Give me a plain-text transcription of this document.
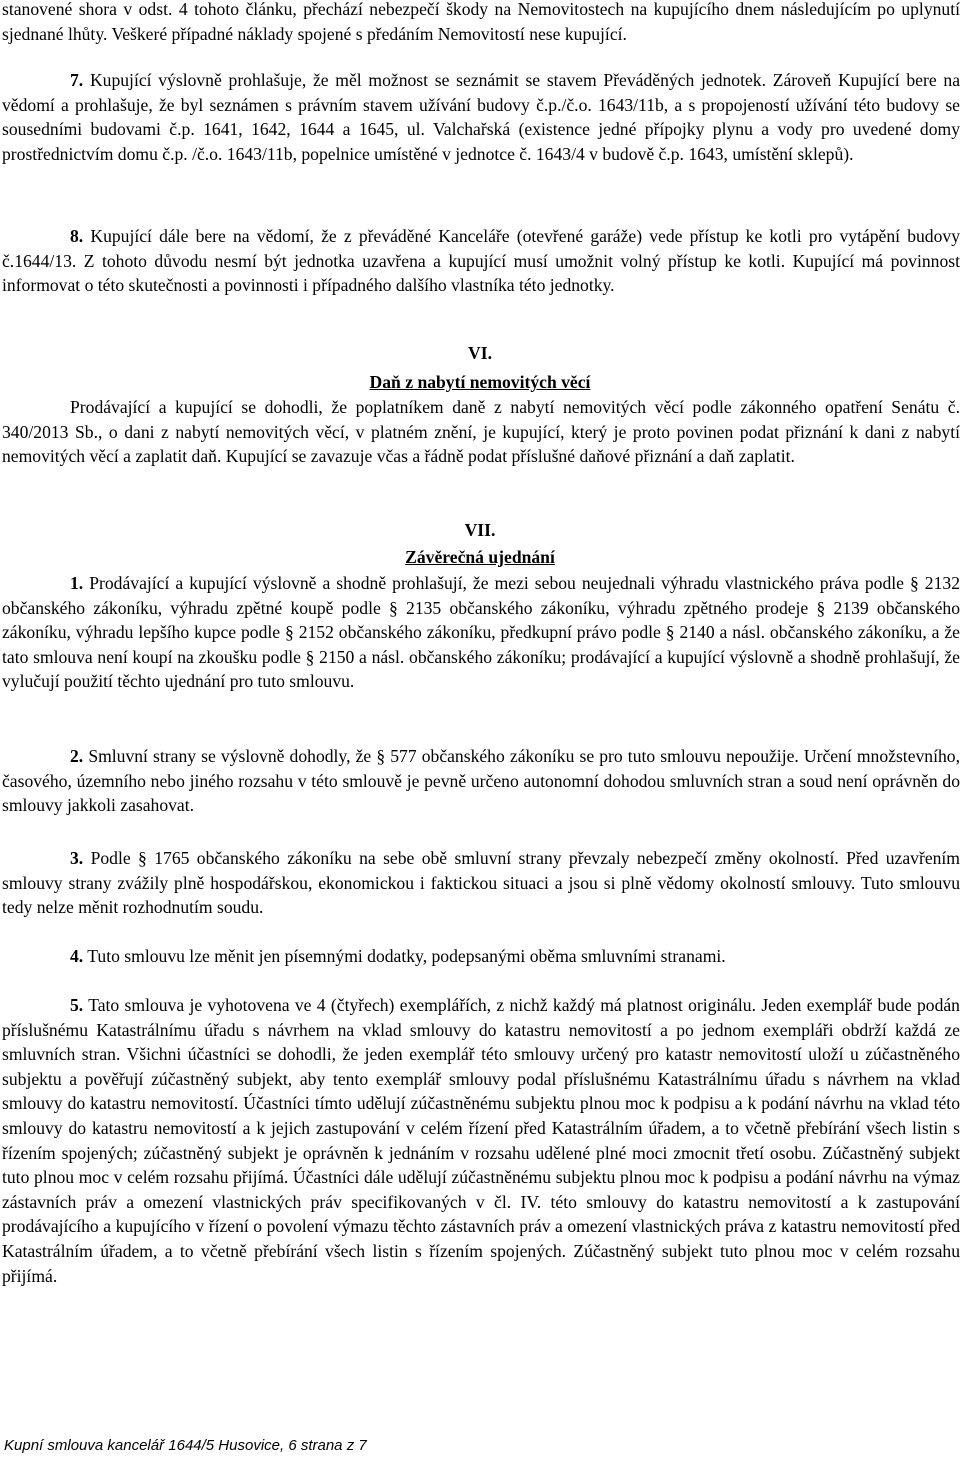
stanovené shora v odst. 4 tohoto článku, přechází nebezpečí škody na Nemovitostech na kupujícího dnem následujícím po uplynutí sjednané lhůty. Veškeré případné náklady spojené s předáním Nemovitostí nese kupující.

7. Kupující výslovně prohlašuje, že měl možnost se seznámit se stavem Převáděných jednotek. Zároveň Kupující bere na vědomí a prohlašuje, že byl seznámen s právním stavem užívání budovy č.p./č.o. 1643/11b, a s propojeností užívání této budovy se sousedními budovami č.p. 1641, 1642, 1644 a 1645, ul. Valchařská (existence jedné přípojky plynu a vody pro uvedené domy prostřednictvím domu č.p. /č.o. 1643/11b, popelnice umístěné v jednotce č. 1643/4 v budově č.p. 1643, umístění sklepů).

8. Kupující dále bere na vědomí, že z převáděné Kanceláře (otevřené garáže) vede přístup ke kotli pro vytápění budovy č.1644/13. Z tohoto důvodu nesmí být jednotka uzavřena a kupující musí umožnit volný přístup ke kotli. Kupující má povinnost informovat o této skutečnosti a povinnosti i případného dalšího vlastníka této jednotky.

VI.
Daň z nabytí nemovitých věcí

Prodávající a kupující se dohodli, že poplatníkem daně z nabytí nemovitých věcí podle zákonného opatření Senátu č. 340/2013 Sb., o dani z nabytí nemovitých věcí, v platném znění, je kupující, který je proto povinen podat přiznání k dani z nabytí nemovitých věcí a zaplatit daň. Kupující se zavazuje včas a řádně podat příslušné daňové přiznání a daň zaplatit.

VII.
Závěrečná ujednání

1. Prodávající a kupující výslovně a shodně prohlašují, že mezi sebou neujednali výhradu vlastnického práva podle § 2132 občanského zákoníku, výhradu zpětné koupě podle § 2135 občanského zákoníku, výhradu zpětného prodeje § 2139 občanského zákoníku, výhradu lepšího kupce podle § 2152 občanského zákoníku, předkupní právo podle § 2140 a násl. občanského zákoníku, a že tato smlouva není koupí na zkoušku podle § 2150 a násl. občanského zákoníku; prodávající a kupující výslovně a shodně prohlašují, že vylučují použití těchto ujednání pro tuto smlouvu.

2. Smluvní strany se výslovně dohodly, že § 577 občanského zákoníku se pro tuto smlouvu nepoužije. Určení množstevního, časového, územního nebo jiného rozsahu v této smlouvě je pevně určeno autonomní dohodou smluvních stran a soud není oprávněn do smlouvy jakkoli zasahovat.

3. Podle § 1765 občanského zákoníku na sebe obě smluvní strany převzaly nebezpečí změny okolností. Před uzavřením smlouvy strany zvážily plně hospodářskou, ekonomickou i faktickou situaci a jsou si plně vědomy okolností smlouvy. Tuto smlouvu tedy nelze měnit rozhodnutím soudu.

4. Tuto smlouvu lze měnit jen písemnými dodatky, podepsanými oběma smluvními stranami.

5. Tato smlouva je vyhotovena ve 4 (čtyřech) exemplářích, z nichž každý má platnost originálu. Jeden exemplář bude podán příslušnému Katastrálnímu úřadu s návrhem na vklad smlouvy do katastru nemovitostí a po jednom exempláři obdrží každá ze smluvních stran. Všichni účastníci se dohodli, že jeden exemplář této smlouvy určený pro katastr nemovitostí uloží u zúčastněného subjektu a pověřují zúčastněný subjekt, aby tento exemplář smlouvy podal příslušnému Katastrálnímu úřadu s návrhem na vklad smlouvy do katastru nemovitostí. Účastníci tímto udělují zúčastněnému subjektu plnou moc k podpisu a k podání návrhu na vklad této smlouvy do katastru nemovitostí a k jejich zastupování v celém řízení před Katastrálním úřadem, a to včetně přebírání všech listin s řízením spojených; zúčastněný subjekt je oprávněn k jednáním v rozsahu udělené plné moci zmocnit třetí osobu. Zúčastněný subjekt tuto plnou moc v celém rozsahu přijímá. Účastníci dále udělují zúčastněnému subjektu plnou moc k podpisu a podání návrhu na výmaz zástavních práv a omezení vlastnických práv specifikovaných v čl. IV. této smlouvy do katastru nemovitostí a k zastupování prodávajícího a kupujícího v řízení o povolení výmazu těchto zástavních práv a omezení vlastnických práva z katastru nemovitostí před Katastrálním úřadem, a to včetně přebírání všech listin s řízením spojených. Zúčastněný subjekt tuto plnou moc v celém rozsahu přijímá.

Kupní smlouva kancelář 1644/5 Husovice, 6 strana z 7
